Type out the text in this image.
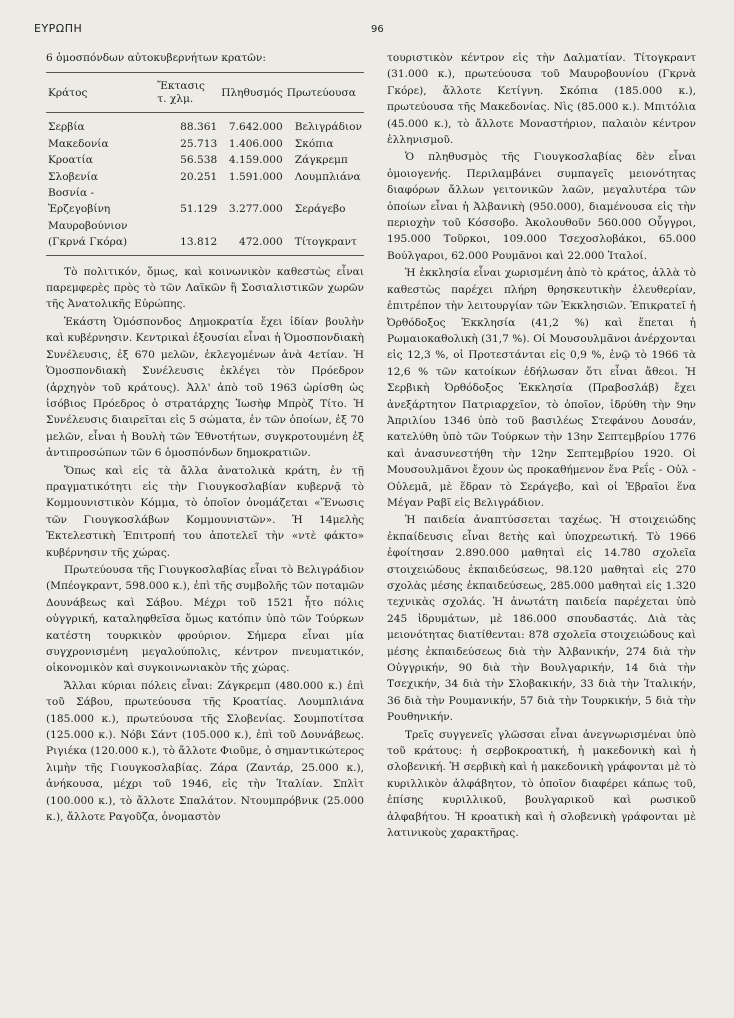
ΕΥΡΩΠΗ	96

6 ὁμοσπόνδων αὐτοκυβερνήτων κρατῶν:

Κράτος	Ἔκτασις τ. χλμ.	Πληθυσμός	Πρωτεύουσα
Σερβία	88.361	7.642.000	Βελιγράδιον
Μακεδονία	25.713	1.406.000	Σκόπια
Κροατία	56.538	4.159.000	Ζάγκρεμπ
Σλοβενία	20.251	1.591.000	Λουμπλιάνα
Βοσνία - Ἐρζεγοβίνη	51.129	3.277.000	Σεράγεβο
Μαυροβούνιον (Γκρνά Γκόρα)	13.812	472.000	Τίτογκραντ

Τὸ πολιτικόν, ὅμως, καὶ κοινωνικὸν καθεστὼς εἶναι παρεμφερὲς πρὸς τὸ τῶν Λαϊκῶν ἢ Σοσιαλιστικῶν χωρῶν τῆς Ἀνατολικῆς Εὐρώπης.

Ἑκάστη Ὁμόσπονδος Δημοκρατία ἔχει ἰδίαν βουλὴν καὶ κυβέρνησιν. Κεντρικαὶ ἐξουσίαι εἶναι ἡ Ὁμοσπονδιακὴ Συνέλευσις, ἐξ 670 μελῶν, ἐκλεγομένων ἀνὰ 4ετίαν. Ἡ Ὁμοσπονδιακὴ Συνέλευσις ἐκλέγει τὸν Πρόεδρον (ἀρχηγὸν τοῦ κράτους). Ἀλλ' ἀπὸ τοῦ 1963 ὡρίσθη ὡς ἰσόβιος Πρόεδρος ὁ στρατάρχης Ἰωσὴφ Μπρὸζ Τίτο. Ἡ Συνέλευσις διαιρεῖται εἰς 5 σώματα, ἐν τῶν ὁποίων, ἐξ 70 μελῶν, εἶναι ἡ Βουλὴ τῶν Ἐθνοτήτων, συγκροτουμένη ἐξ ἀντιπροσώπων τῶν 6 ὁμοσπόνδων δημοκρατιῶν.

Ὅπως καὶ εἰς τὰ ἄλλα ἀνατολικὰ κράτη, ἐν τῇ πραγματικότητι εἰς τὴν Γιουγκοσλαβίαν κυβερνᾷ τὸ Κομμουνιστικὸν Κόμμα, τὸ ὁποῖον ὀνομάζεται «Ἕνωσις τῶν Γιουγκοσλάβων Κομμουνιστῶν». Ἡ 14μελὴς Ἐκτελεστικὴ Ἐπιτροπή του ἀποτελεῖ τὴν «ντὲ φάκτο» κυβέρνησιν τῆς χώρας.

Πρωτεύουσα τῆς Γιουγκοσλαβίας εἶναι τὸ Βελιγράδιον (Μπέογκραντ, 598.000 κ.), ἐπὶ τῆς συμβολῆς τῶν ποταμῶν Δουνάβεως καὶ Σάβου. Μέχρι τοῦ 1521 ἦτο πόλις οὐγγρική, καταληφθεῖσα ὅμως κατόπιν ὑπὸ τῶν Τούρκων κατέστη τουρκικὸν φρούριον. Σήμερα εἶναι μία συγχρονισμένη μεγαλούπολις, κέντρον πνευματικόν, οἰκονομικὸν καὶ συγκοινωνιακὸν τῆς χώρας.

Ἄλλαι κύριαι πόλεις εἶναι: Ζάγκρεμπ (480.000 κ.) ἐπὶ τοῦ Σάβου, πρωτεύουσα τῆς Κροατίας. Λουμπλιάνα (185.000 κ.), πρωτεύουσα τῆς Σλοβενίας. Σουμποτίτσα (125.000 κ.). Νόβι Σάντ (105.000 κ.), ἐπὶ τοῦ Δουνάβεως. Ριγιέκα (120.000 κ.), τὸ ἄλλοτε Φιοῦμε, ὁ σημαντικώτερος λιμὴν τῆς Γιουγκοσλαβίας. Ζάρα (Ζαντάρ, 25.000 κ.), ἀνήκουσα, μέχρι τοῦ 1946, εἰς τὴν Ἰταλίαν. Σπλὶτ (100.000 κ.), τὸ ἄλλοτε Σπαλάτον. Ντουμπρόβνικ (25.000 κ.), ἄλλοτε Ραγοῦζα, ὀνομαστὸν

τουριστικὸν κέντρον εἰς τὴν Δαλματίαν. Τίτογκραντ (31.000 κ.), πρωτεύουσα τοῦ Μαυροβουνίου (Γκρνὰ Γκόρε), ἄλλοτε Κετίγνη. Σκόπια (185.000 κ.), πρωτεύουσα τῆς Μακεδονίας. Νὶς (85.000 κ.). Μπιτόλια (45.000 κ.), τὸ ἄλλοτε Μοναστήριον, παλαιὸν κέντρον ἑλληνισμοῦ.

Ὁ πληθυσμὸς τῆς Γιουγκοσλαβίας δὲν εἶναι ὁμοιογενής. Περιλαμβάνει συμπαγεῖς μειονότητας διαφόρων ἄλλων γειτονικῶν λαῶν, μεγαλυτέρα τῶν ὁποίων εἶναι ἡ Ἀλβανικὴ (950.000), διαμένουσα εἰς τὴν περιοχὴν τοῦ Κόσσοβο. Ἀκολουθοῦν 560.000 Οὖγγροι, 195.000 Τοῦρκοι, 109.000 Τσεχοσλοβάκοι, 65.000 Βούλγαροι, 62.000 Ρουμᾶνοι καὶ 22.000 Ἰταλοί.

Ἡ ἐκκλησία εἶναι χωρισμένη ἀπὸ τὸ κράτος, ἀλλὰ τὸ καθεστὼς παρέχει πλήρη θρησκευτικὴν ἐλευθερίαν, ἐπιτρέπον τὴν λειτουργίαν τῶν Ἐκκλησιῶν. Ἐπικρατεῖ ἡ Ὀρθόδοξος Ἐκκλησία (41,2 %) καὶ ἕπεται ἡ Ρωμαιοκαθολικὴ (31,7 %). Οἱ Μουσουλμᾶνοι ἀνέρχονται εἰς 12,3 %, οἱ Προτεστάνται εἰς 0,9 %, ἐνῷ τὸ 1966 τὰ 12,6 % τῶν κατοίκων ἐδήλωσαν ὅτι εἶναι ἄθεοι. Ἡ Σερβικὴ Ὀρθόδοξος Ἐκκλησία (Πραβοσλάβ) ἔχει ἀνεξάρτητον Πατριαρχεῖον, τὸ ὁποῖον, ἱδρύθη τὴν 9ην Ἀπριλίου 1346 ὑπὸ τοῦ βασιλέως Στεφάνου Δουσάν, κατελύθη ὑπὸ τῶν Τούρκων τὴν 13ην Σεπτεμβρίου 1776 καὶ ἀνασυνεστήθη τὴν 12ην Σεπτεμβρίου 1920. Οἱ Μουσουλμᾶνοι ἔχουν ὡς προκαθήμενον ἕνα Ρεΐς - Οὐλ - Οὐλεμᾶ, μὲ ἕδραν τὸ Σεράγεβο, καὶ οἱ Ἑβραῖοι ἕνα Μέγαν Ραβῖ εἰς Βελιγράδιον.

Ἡ παιδεία ἀναπτύσσεται ταχέως. Ἡ στοιχειώδης ἐκπαίδευσις εἶναι 8ετὴς καὶ ὑποχρεωτική. Τὸ 1966 ἐφοίτησαν 2.890.000 μαθηταὶ εἰς 14.780 σχολεῖα στοιχειώδους ἐκπαιδεύσεως, 98.120 μαθηταὶ εἰς 270 σχολὰς μέσης ἐκπαιδεύσεως, 285.000 μαθηταὶ εἰς 1.320 τεχνικὰς σχολάς. Ἡ ἀνωτάτη παιδεία παρέχεται ὑπὸ 245 ἱδρυμάτων, μὲ 186.000 σπουδαστάς. Διὰ τὰς μειονότητας διατίθενται: 878 σχολεῖα στοιχειώδους καὶ μέσης ἐκπαιδεύσεως διὰ τὴν Ἀλβανικήν, 274 διὰ τὴν Οὐγγρικήν, 90 διὰ τὴν Βουλγαρικήν, 14 διὰ τὴν Τσεχικήν, 34 διὰ τὴν Σλοβακικήν, 33 διὰ τὴν Ἰταλικήν, 36 διὰ τὴν Ρουμανικήν, 57 διὰ τὴν Τουρκικήν, 5 διὰ τὴν Ρουθηνικήν.

Τρεῖς συγγενεῖς γλῶσσαι εἶναι ἀνεγνωρισμέναι ὑπὸ τοῦ κράτους: ἡ σερβοκροατική, ἡ μακεδονικὴ καὶ ἡ σλοβενική. Ἡ σερβικὴ καὶ ἡ μακεδονικὴ γράφονται μὲ τὸ κυριλλικὸν ἀλφάβητον, τὸ ὁποῖον διαφέρει κάπως τοῦ, ἐπίσης κυριλλικοῦ, βουλγαρικοῦ καὶ ρωσικοῦ ἀλφαβήτου. Ἡ κροατικὴ καὶ ἡ σλοβενικὴ γράφονται μὲ λατινικοὺς χαρακτῆρας.
